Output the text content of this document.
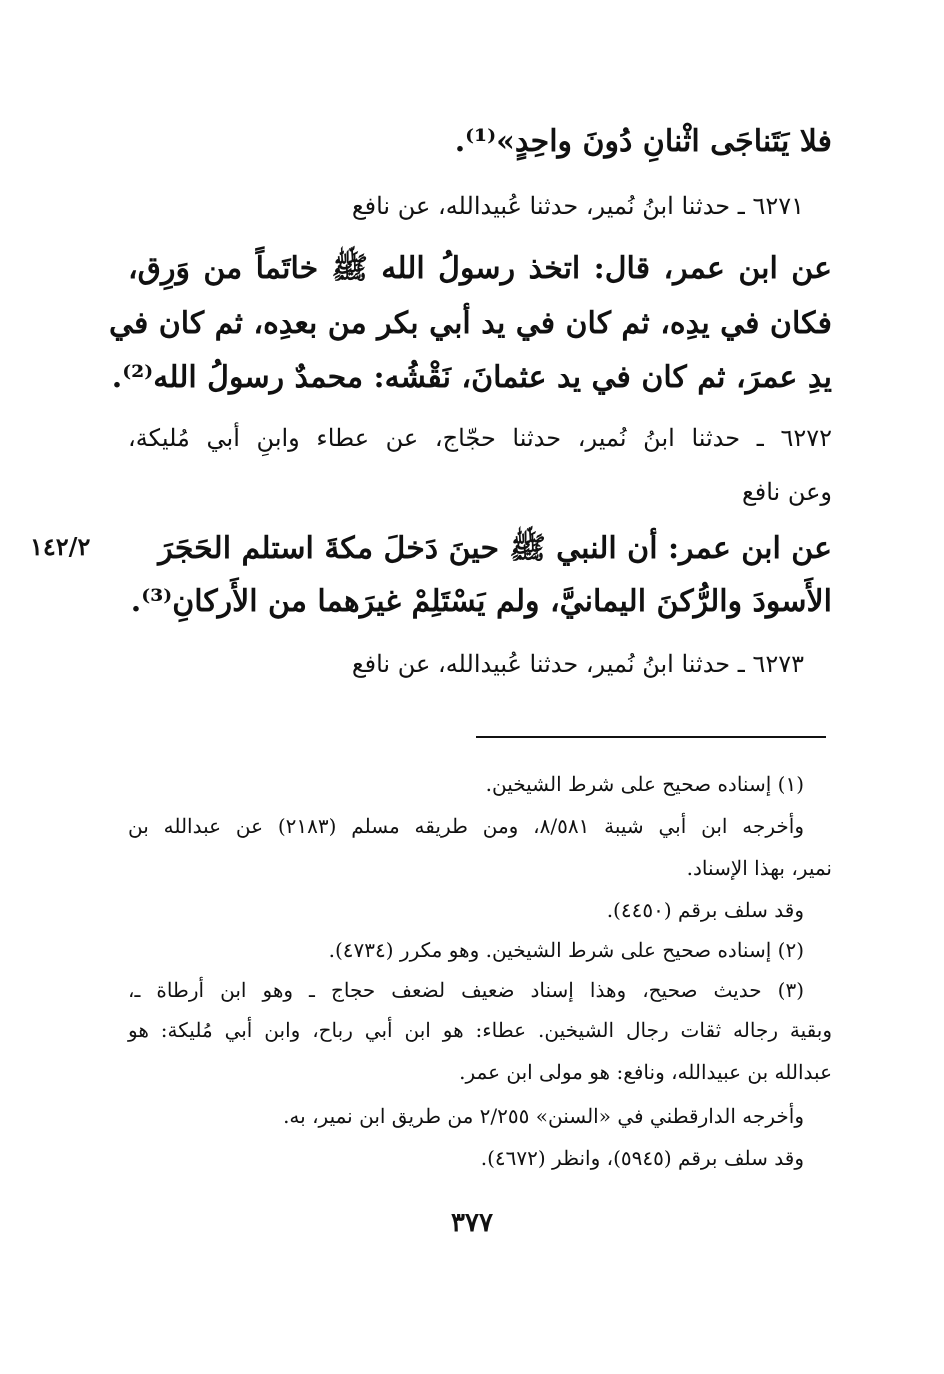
فلا يَتَناجَى اثْنانِ دُونَ واحِدٍ»⁽¹⁾.
٦٢٧١ ـ حدثنا ابنُ نُمير، حدثنا عُبيدالله، عن نافع
عن ابن عمر، قال: اتخذ رسولُ الله ﷺ خاتَماً من وَرِق،
فكان في يدِه، ثم كان في يد أبي بكر من بعدِه، ثم كان في
يدِ عمرَ، ثم كان في يد عثمانَ، نَقْشُه: محمدٌ رسولُ الله⁽²⁾.
٦٢٧٢ ـ حدثنا ابنُ نُمير، حدثنا حجّاج، عن عطاء وابنِ أبي مُليكة،
وعن نافع
عن ابن عمر: أن النبي ﷺ حينَ دَخلَ مكةَ استلم الحَجَرَ
١٤٢/٢
الأَسودَ والرُّكنَ اليمانيَّ، ولم يَسْتَلِمْ غيرَهما من الأَركانِ⁽³⁾.
٦٢٧٣ ـ حدثنا ابنُ نُمير، حدثنا عُبيدالله، عن نافع
(١) إسناده صحيح على شرط الشيخين.
وأخرجه ابن أبي شيبة ٨/٥٨١، ومن طريقه مسلم (٢١٨٣) عن عبدالله بن
نمير، بهذا الإسناد.
وقد سلف برقم (٤٤٥٠).
(٢) إسناده صحيح على شرط الشيخين. وهو مكرر (٤٧٣٤).
(٣) حديث صحيح، وهذا إسناد ضعيف لضعف حجاج ـ وهو ابن أرطاة ـ،
وبقية رجاله ثقات رجال الشيخين. عطاء: هو ابن أبي رباح، وابن أبي مُليكة: هو
عبدالله بن عبيدالله، ونافع: هو مولى ابن عمر.
وأخرجه الدارقطني في «السنن» ٢/٢٥٥ من طريق ابن نمير، به.
وقد سلف برقم (٥٩٤٥)، وانظر (٤٦٧٢).
٣٧٧
